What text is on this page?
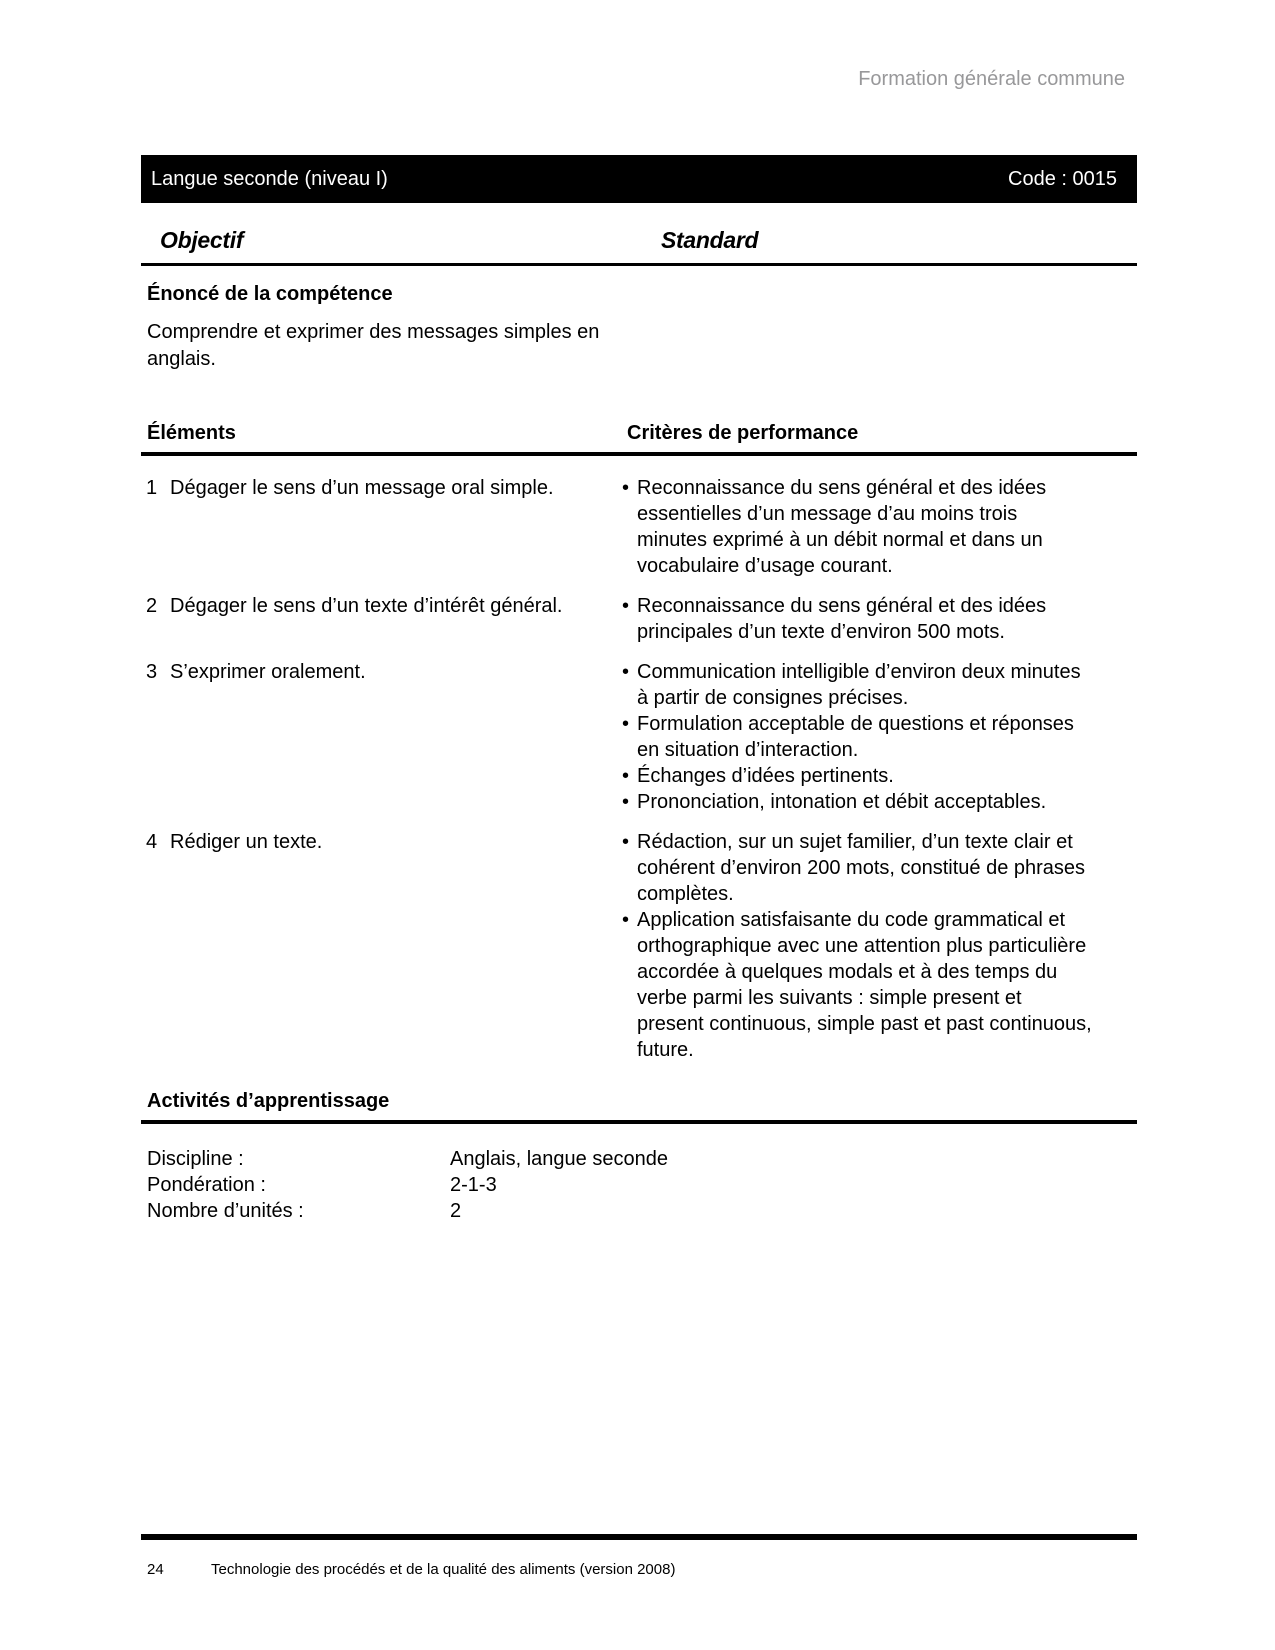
Formation générale commune
Langue seconde (niveau I)	Code : 0015
Objectif	Standard
Énoncé de la compétence
Comprendre et exprimer des messages simples en anglais.
Éléments	Critères de performance
1 Dégager le sens d’un message oral simple.	• Reconnaissance du sens général et des idées essentielles d’un message d’au moins trois minutes exprimé à un débit normal et dans un vocabulaire d’usage courant.
2 Dégager le sens d’un texte d’intérêt général.	• Reconnaissance du sens général et des idées principales d’un texte d’environ 500 mots.
3 S’exprimer oralement.	• Communication intelligible d’environ deux minutes à partir de consignes précises.
• Formulation acceptable de questions et réponses en situation d’interaction.
• Échanges d’idées pertinents.
• Prononciation, intonation et débit acceptables.
4 Rédiger un texte.	• Rédaction, sur un sujet familier, d’un texte clair et cohérent d’environ 200 mots, constitué de phrases complètes.
• Application satisfaisante du code grammatical et orthographique avec une attention plus particulière accordée à quelques modals et à des temps du verbe parmi les suivants : simple present et present continuous, simple past et past continuous, future.
Activités d’apprentissage
Discipline :	Anglais, langue seconde
Pondération :	2-1-3
Nombre d’unités :	2
24	Technologie des procédés et de la qualité des aliments (version 2008)
